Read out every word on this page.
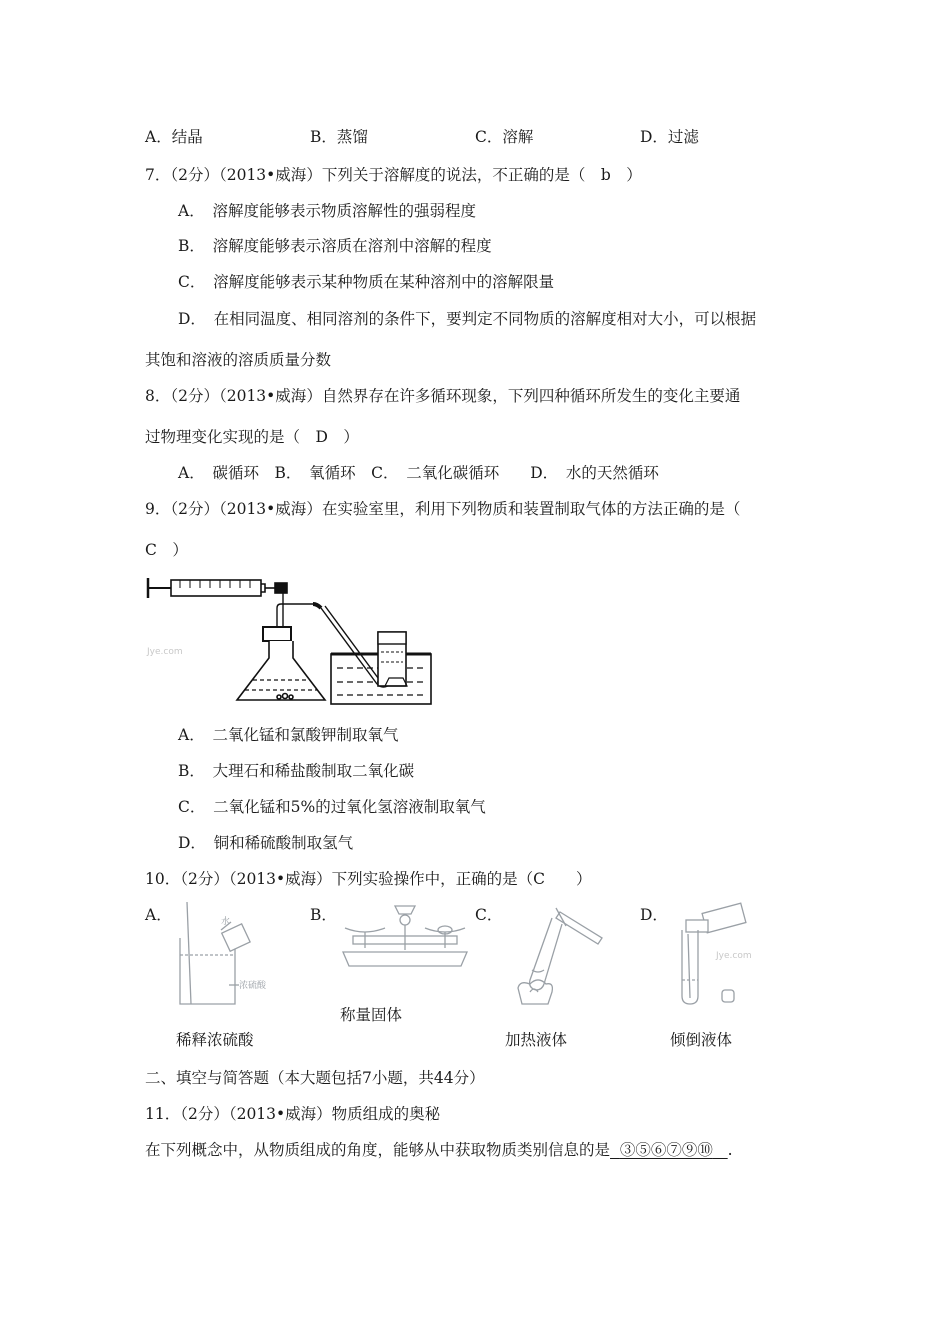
A．结晶	B．蒸馏	C．溶解	D．过滤
7．（2分）（2013•威海）下列关于溶解度的说法，不正确的是（　b　）
A．　溶解度能够表示物质溶解性的强弱程度
B．　溶解度能够表示溶质在溶剂中溶解的程度
C．　溶解度能够表示某种物质在某种溶剂中的溶解限量
D．　在相同温度、相同溶剂的条件下，要判定不同物质的溶解度相对大小，可以根据
其饱和溶液的溶质质量分数
8．（2分）（2013•威海）自然界存在许多循环现象，下列四种循环所发生的变化主要通
过物理变化实现的是（　D　）
A．　碳循环　B．　氧循环　C．　二氧化碳循环　　D．　水的天然循环
9．（2分）（2013•威海）在实验室里，利用下列物质和装置制取气体的方法正确的是（
C　）
Jye.com
A．　二氧化锰和氯酸钾制取氧气
B．　大理石和稀盐酸制取二氧化碳
C．　二氧化锰和5%的过氧化氢溶液制取氧气
D．　铜和稀硫酸制取氢气
10．（2分）（2013•威海）下列实验操作中，正确的是（C　　）
A．	B．	C．	D．
水
浓硫酸
Jye.com
称量固体
稀释浓硫酸	加热液体	倾倒液体
二、填空与简答题（本大题包括7小题，共44分）
11．（2分）（2013•威海）物质组成的奥秘
在下列概念中，从物质组成的角度，能够从中获取物质类别信息的是 ③⑤⑥⑦⑨⑩ .
